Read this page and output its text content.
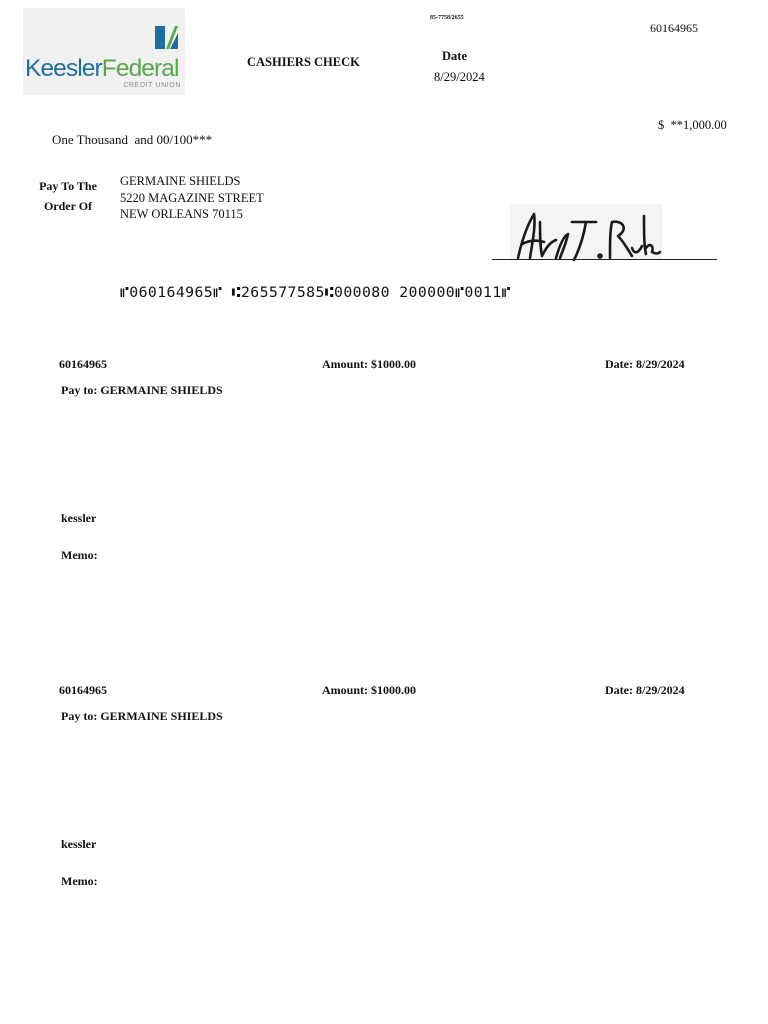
KeeslerFederal
CREDIT UNION
CASHIERS CHECK
85-7758/2655
60164965
Date
8/29/2024
One Thousand  and 00/100***
$  **1,000.00
Pay To The Order Of
GERMAINE SHIELDS
5220 MAGAZINE STREET
NEW ORLEANS 70115
⑈060164965⑈ ⑆265577585⑆000080 200000⑈0011⑈
60164965	Amount: $1000.00	Date: 8/29/2024
Pay to: GERMAINE SHIELDS
kessler
Memo:
60164965	Amount: $1000.00	Date: 8/29/2024
Pay to: GERMAINE SHIELDS
kessler
Memo:
